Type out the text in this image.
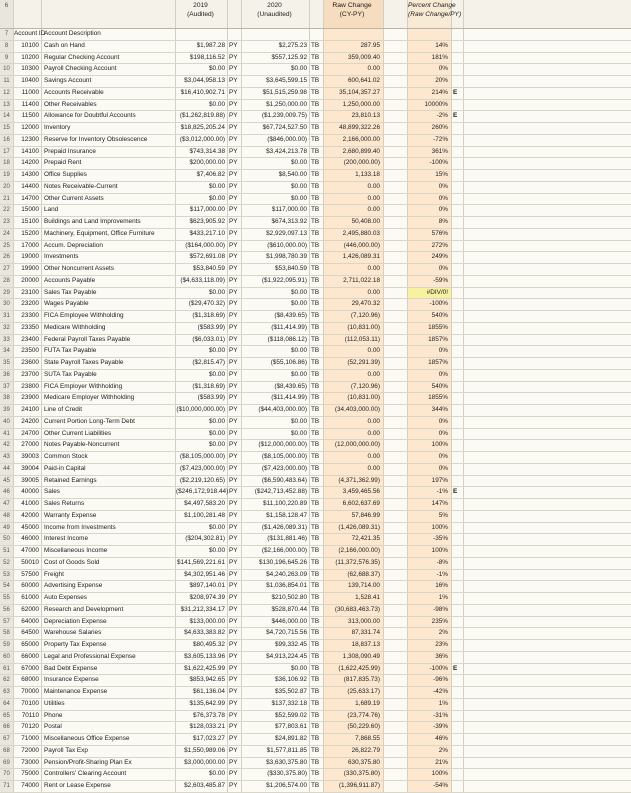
6	2019
(Audited)
2020
(Unaudited)
Raw Change
(CY-PY)
Percent Change
(Raw Change/PY)
7 Account ID
Account Description
8	10100 Cash on Hand	$1,987.28 PY	$2,275.23 TB	287.95	14%
9	10200 Regular Checking Account	$198,116.52 PY	$557,125.92 TB	359,009.40	181%
10	10300 Payroll Checking Account	$0.00 PY	$0.00 TB	0.00	0%
11	10400 Savings Account	$3,044,958.13 PY	$3,645,599.15 TB	600,641.02	20%
12	11000 Accounts Receivable	$16,410,902.71 PY	$51,515,259.98 TB	35,104,357.27	214% E
13	11400 Other Receivables	$0.00 PY	$1,250,000.00 TB	1,250,000.00	10000%
14	11500 Allowance for Doubtful Accounts	($1,262,819.88) PY	($1,239,009.75) TB	23,810.13	-2% E
15	12000 Inventory	$18,825,205.24 PY	$67,724,527.50 TB	48,899,322.26	260%
16	12300 Reserve for Inventory Obsolescence	($3,012,000.00) PY	($846,000.00) TB	2,166,000.00	-72%
17	14100 Prepaid Insurance	$743,314.38 PY	$3,424,213.78 TB	2,680,899.40	361%
18	14200 Prepaid Rent	$200,000.00 PY	$0.00 TB	(200,000.00)	-100%
19	14300 Office Supplies	$7,406.82 PY	$8,540.00 TB	1,133.18	15%
20	14400 Notes Receivable-Current	$0.00 PY	$0.00 TB	0.00	0%
21	14700 Other Current Assets	$0.00 PY	$0.00 TB	0.00	0%
22	15000 Land	$117,000.00 PY	$117,000.00 TB	0.00	0%
23	15100 Buildings and Land Improvements	$623,905.92 PY	$674,313.92 TB	50,408.00	8%
24	15200 Machinery, Equipment, Office Furniture	$433,217.10 PY	$2,929,097.13 TB	2,495,880.03	576%
25	17000 Accum. Depreciation	($164,000.00) PY	($610,000.00) TB	(446,000.00)	272%
26	19000 Investments	$572,691.08 PY	$1,998,780.39 TB	1,426,089.31	249%
27	19900 Other Noncurrent Assets	$53,840.59 PY	$53,840.59 TB	0.00	0%
28	20000 Accounts Payable	($4,633,118.09) PY	($1,922,095.91) TB	2,711,022.18	-59%
29	23100 Sales Tax Payable	$0.00 PY	$0.00 TB	0.00	#DIV/0!
30	23200 Wages Payable	($29,470.32) PY	$0.00 TB	29,470.32	-100%
31	23300 FICA Employee Withholding	($1,318.69) PY	($8,439.65) TB	(7,120.96)	540%
32	23350 Medicare Withholding	($583.99) PY	($11,414.99) TB	(10,831.00)	1855%
33	23400 Federal Payroll Taxes Payable	($6,033.01) PY	($118,086.12) TB	(112,053.11)	1857%
34	23500 FUTA Tax Payable	$0.00 PY	$0.00 TB	0.00	0%
35	23600 State Payroll Taxes Payable	($2,815.47) PY	($55,106.86) TB	(52,291.39)	1857%
36	23700 SUTA Tax Payable	$0.00 PY	$0.00 TB	0.00	0%
37	23800 FICA Employer Withholding	($1,318.69) PY	($8,439.65) TB	(7,120.96)	540%
38	23900 Medicare Employer Withholding	($583.99) PY	($11,414.99) TB	(10,831.00)	1855%
39	24100 Line of Credit	($10,000,000.00) PY	($44,403,000.00) TB	(34,403,000.00)	344%
40	24200 Current Portion Long-Term Debt	$0.00 PY	$0.00 TB	0.00	0%
41	24700 Other Current Liabilities	$0.00 PY	$0.00 TB	0.00	0%
42	27000 Notes Payable-Noncurrent	$0.00 PY	($12,000,000.00) TB	(12,000,000.00)	100%
43	39003 Common Stock	($8,105,000.00) PY	($8,105,000.00) TB	0.00	0%
44	39004 Paid-in Capital	($7,423,000.00) PY	($7,423,000.00) TB	0.00	0%
45	39005 Retained Earnings	($2,219,120.65) PY	($6,590,483.64) TB	(4,371,362.99)	197%
46	40000 Sales	($246,172,918.44) PY	($242,713,452.88) TB	3,459,465.56	-1% E
47	41000 Sales Returns	$4,497,583.20 PY	$11,100,220.89 TB	6,602,637.69	147%
48	42000 Warranty Expense	$1,100,281.48 PY	$1,158,128.47 TB	57,846.99	5%
49	45000 Income from Investments	$0.00 PY	($1,426,089.31) TB	(1,426,089.31)	100%
50	46000 Interest Income	($204,302.81) PY	($131,881.46) TB	72,421.35	-35%
51	47000 Miscellaneous Income	$0.00 PY	($2,166,000.00) TB	(2,166,000.00)	100%
52	50010 Cost of Goods Sold	$141,569,221.61 PY	$130,196,645.26 TB	(11,372,576.35)	-8%
53	57500 Freight	$4,302,951.46 PY	$4,240,263.09 TB	(62,688.37)	-1%
54	60000 Advertising Expense	$897,140.01 PY	$1,036,854.01 TB	139,714.00	16%
55	61000 Auto Expenses	$208,974.39 PY	$210,502.80 TB	1,528.41	1%
56	62000 Research and Development	$31,212,334.17 PY	$528,870.44 TB	(30,683,463.73)	-98%
57	64000 Depreciation Expense	$133,000.00 PY	$446,000.00 TB	313,000.00	235%
58	64500 Warehouse Salaries	$4,633,383.82 PY	$4,720,715.56 TB	87,331.74	2%
59	65000 Property Tax Expense	$80,495.32 PY	$99,332.45 TB	18,837.13	23%
60	66000 Legal and Professional Expense	$3,605,133.96 PY	$4,913,224.45 TB	1,308,090.49	36%
61	67000 Bad Debt Expense	$1,622,425.99 PY	$0.00 TB	(1,622,425.99)	-100% E
62	68000 Insurance Expense	$853,942.65 PY	$36,106.92 TB	(817,835.73)	-96%
63	70000 Maintenance Expense	$61,136.04 PY	$35,502.87 TB	(25,633.17)	-42%
64	70100 Utilities	$135,642.99 PY	$137,332.18 TB	1,689.19	1%
65	70110 Phone	$76,373.78 PY	$52,599.02 TB	(23,774.76)	-31%
66	70120 Postal	$128,033.21 PY	$77,803.61 TB	(50,229.60)	-39%
67	71000 Miscellaneous Office Expense	$17,023.27 PY	$24,891.82 TB	7,868.55	46%
68	72000 Payroll Tax Exp	$1,550,989.06 PY	$1,577,811.85 TB	26,822.79	2%
69	73000 Pension/Profit-Sharing Plan Ex	$3,000,000.00 PY	$3,630,375.80 TB	630,375.80	21%
70	75000 Controllers' Clearing Account	$0.00 PY	($330,375.80) TB	(330,375.80)	100%
71	74000 Rent or Lease Expense	$2,603,485.87 PY	$1,206,574.00 TB	(1,396,911.87)	-54%
